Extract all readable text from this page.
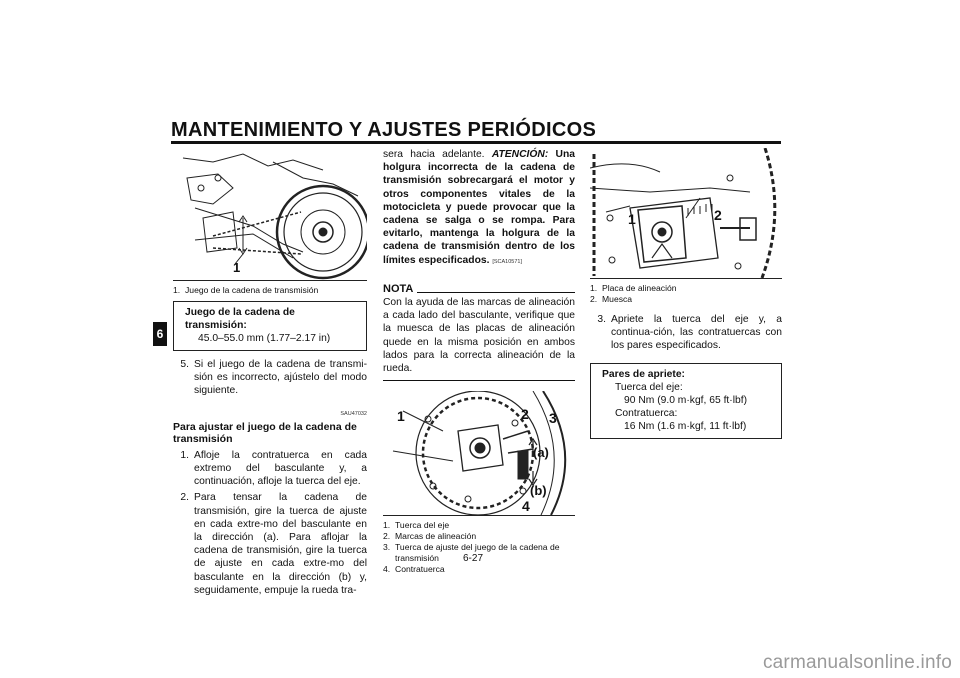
MANTENIMIENTO Y AJUSTES PERIÓDICOS
6
1
1. Juego de la cadena de transmisión
Juego de la cadena de transmisión:
45.0–55.0 mm (1.77–2.17 in)
5. Si el juego de la cadena de transmi-sión es incorrecto, ajústelo del modo siguiente.
SAU47032
Para ajustar el juego de la cadena de transmisión
1. Afloje la contratuerca en cada extremo del basculante y, a continuación, afloje la tuerca del eje.
2. Para tensar la cadena de transmisión, gire la tuerca de ajuste en cada extre-mo del basculante en la dirección (a). Para aflojar la cadena de transmisión, gire la tuerca de ajuste en cada extre-mo del basculante en la dirección (b) y, seguidamente, empuje la rueda tra-
sera hacia adelante. ATENCIÓN: Una holgura incorrecta de la cadena de transmisión sobrecargará el motor y otros componentes vitales de la motocicleta y puede provocar que la cadena se salga o se rompa. Para evitarlo, mantenga la holgura de la cadena de transmisión dentro de los límites especificados. [SCA10571]
NOTA
Con la ayuda de las marcas de alineación a cada lado del basculante, verifique que la muesca de las placas de alineación quede en la misma posición en ambos lados para la correcta alineación de la rueda.
1	2 3
(a)
(b)
4
1. Tuerca del eje
2. Marcas de alineación
3. Tuerca de ajuste del juego de la cadena de transmisión
4. Contratuerca
1	2
1. Placa de alineación
2. Muesca
3. Apriete la tuerca del eje y, a continua-ción, las contratuercas con los pares especificados.
Pares de apriete:
Tuerca del eje:
90 Nm (9.0 m·kgf, 65 ft·lbf)
Contratuerca:
16 Nm (1.6 m·kgf, 11 ft·lbf)
6-27
carmanualsonline.info
